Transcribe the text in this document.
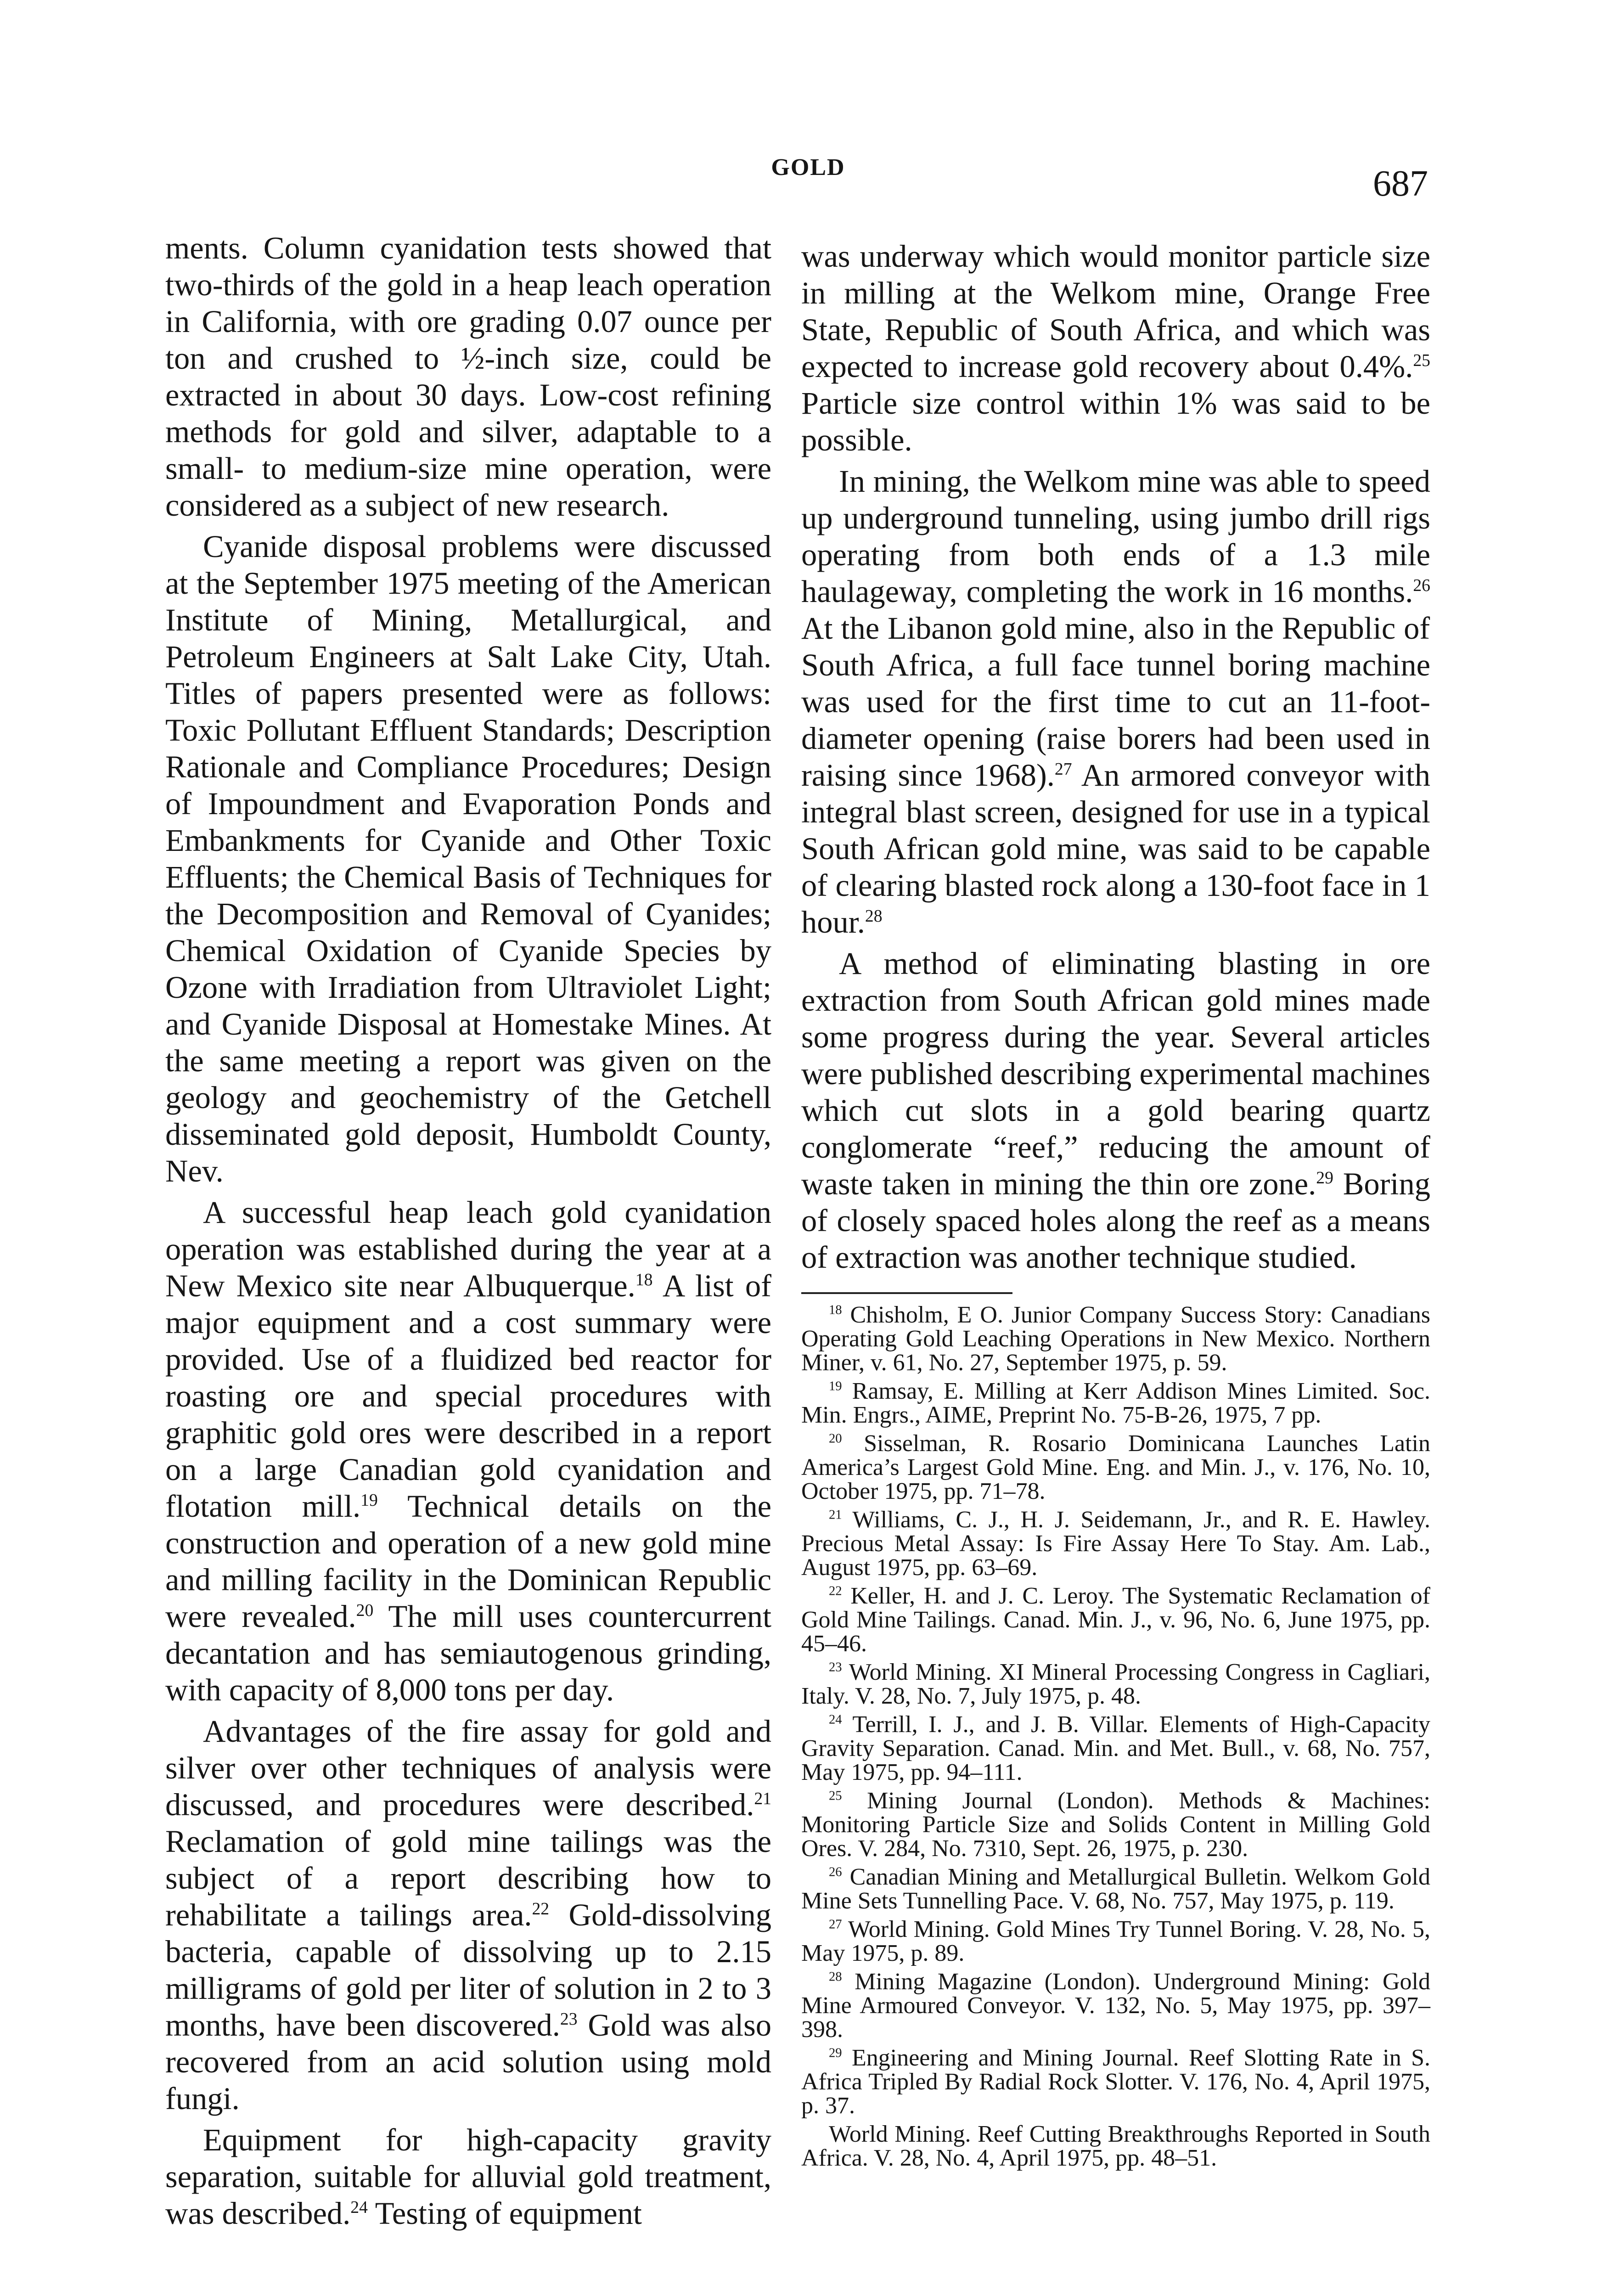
GOLD	687

ments. Column cyanidation tests showed that two-thirds of the gold in a heap leach operation in California, with ore grading 0.07 ounce per ton and crushed to ½-inch size, could be extracted in about 30 days. Low-cost refining methods for gold and silver, adaptable to a small- to medium-size mine operation, were considered as a subject of new research.

Cyanide disposal problems were discussed at the September 1975 meeting of the American Institute of Mining, Metallurgical, and Petroleum Engineers at Salt Lake City, Utah. Titles of papers presented were as follows: Toxic Pollutant Effluent Standards; Description Rationale and Compliance Procedures; Design of Impoundment and Evaporation Ponds and Embankments for Cyanide and Other Toxic Effluents; the Chemical Basis of Techniques for the Decomposition and Removal of Cyanides; Chemical Oxidation of Cyanide Species by Ozone with Irradiation from Ultraviolet Light; and Cyanide Disposal at Homestake Mines. At the same meeting a report was given on the geology and geochemistry of the Getchell disseminated gold deposit, Humboldt County, Nev.

A successful heap leach gold cyanidation operation was established during the year at a New Mexico site near Albuquerque.$^{18}$ A list of major equipment and a cost summary were provided. Use of a fluidized bed reactor for roasting ore and special procedures with graphitic gold ores were described in a report on a large Canadian gold cyanidation and flotation mill.$^{19}$ Technical details on the construction and operation of a new gold mine and milling facility in the Dominican Republic were revealed.$^{20}$ The mill uses countercurrent decantation and has semiautogenous grinding, with capacity of 8,000 tons per day.

Advantages of the fire assay for gold and silver over other techniques of analysis were discussed, and procedures were described.$^{21}$ Reclamation of gold mine tailings was the subject of a report describing how to rehabilitate a tailings area.$^{22}$ Gold-dissolving bacteria, capable of dissolving up to 2.15 milligrams of gold per liter of solution in 2 to 3 months, have been discovered.$^{23}$ Gold was also recovered from an acid solution using mold fungi.

Equipment for high-capacity gravity separation, suitable for alluvial gold treatment, was described.$^{24}$ Testing of equipment

was underway which would monitor particle size in milling at the Welkom mine, Orange Free State, Republic of South Africa, and which was expected to increase gold recovery about 0.4%.$^{25}$ Particle size control within 1% was said to be possible.

In mining, the Welkom mine was able to speed up underground tunneling, using jumbo drill rigs operating from both ends of a 1.3 mile haulageway, completing the work in 16 months.$^{26}$ At the Libanon gold mine, also in the Republic of South Africa, a full face tunnel boring machine was used for the first time to cut an 11-foot-diameter opening (raise borers had been used in raising since 1968).$^{27}$ An armored conveyor with integral blast screen, designed for use in a typical South African gold mine, was said to be capable of clearing blasted rock along a 130-foot face in 1 hour.$^{28}$

A method of eliminating blasting in ore extraction from South African gold mines made some progress during the year. Several articles were published describing experimental machines which cut slots in a gold bearing quartz conglomerate “reef,” reducing the amount of waste taken in mining the thin ore zone.$^{29}$ Boring of closely spaced holes along the reef as a means of extraction was another technique studied.

$^{18}$ Chisholm, E O. Junior Company Success Story: Canadians Operating Gold Leaching Operations in New Mexico. Northern Miner, v. 61, No. 27, September 1975, p. 59.

$^{19}$ Ramsay, E. Milling at Kerr Addison Mines Limited. Soc. Min. Engrs., AIME, Preprint No. 75-B-26, 1975, 7 pp.

$^{20}$ Sisselman, R. Rosario Dominicana Launches Latin America’s Largest Gold Mine. Eng. and Min. J., v. 176, No. 10, October 1975, pp. 71–78.

$^{21}$ Williams, C. J., H. J. Seidemann, Jr., and R. E. Hawley. Precious Metal Assay: Is Fire Assay Here To Stay. Am. Lab., August 1975, pp. 63–69.

$^{22}$ Keller, H. and J. C. Leroy. The Systematic Reclamation of Gold Mine Tailings. Canad. Min. J., v. 96, No. 6, June 1975, pp. 45–46.

$^{23}$ World Mining. XI Mineral Processing Congress in Cagliari, Italy. V. 28, No. 7, July 1975, p. 48.

$^{24}$ Terrill, I. J., and J. B. Villar. Elements of High-Capacity Gravity Separation. Canad. Min. and Met. Bull., v. 68, No. 757, May 1975, pp. 94–111.

$^{25}$ Mining Journal (London). Methods & Machines: Monitoring Particle Size and Solids Content in Milling Gold Ores. V. 284, No. 7310, Sept. 26, 1975, p. 230.

$^{26}$ Canadian Mining and Metallurgical Bulletin. Welkom Gold Mine Sets Tunnelling Pace. V. 68, No. 757, May 1975, p. 119.

$^{27}$ World Mining. Gold Mines Try Tunnel Boring. V. 28, No. 5, May 1975, p. 89.

$^{28}$ Mining Magazine (London). Underground Mining: Gold Mine Armoured Conveyor. V. 132, No. 5, May 1975, pp. 397–398.

$^{29}$ Engineering and Mining Journal. Reef Slotting Rate in S. Africa Tripled By Radial Rock Slotter. V. 176, No. 4, April 1975, p. 37.

World Mining. Reef Cutting Breakthroughs Reported in South Africa. V. 28, No. 4, April 1975, pp. 48–51.
